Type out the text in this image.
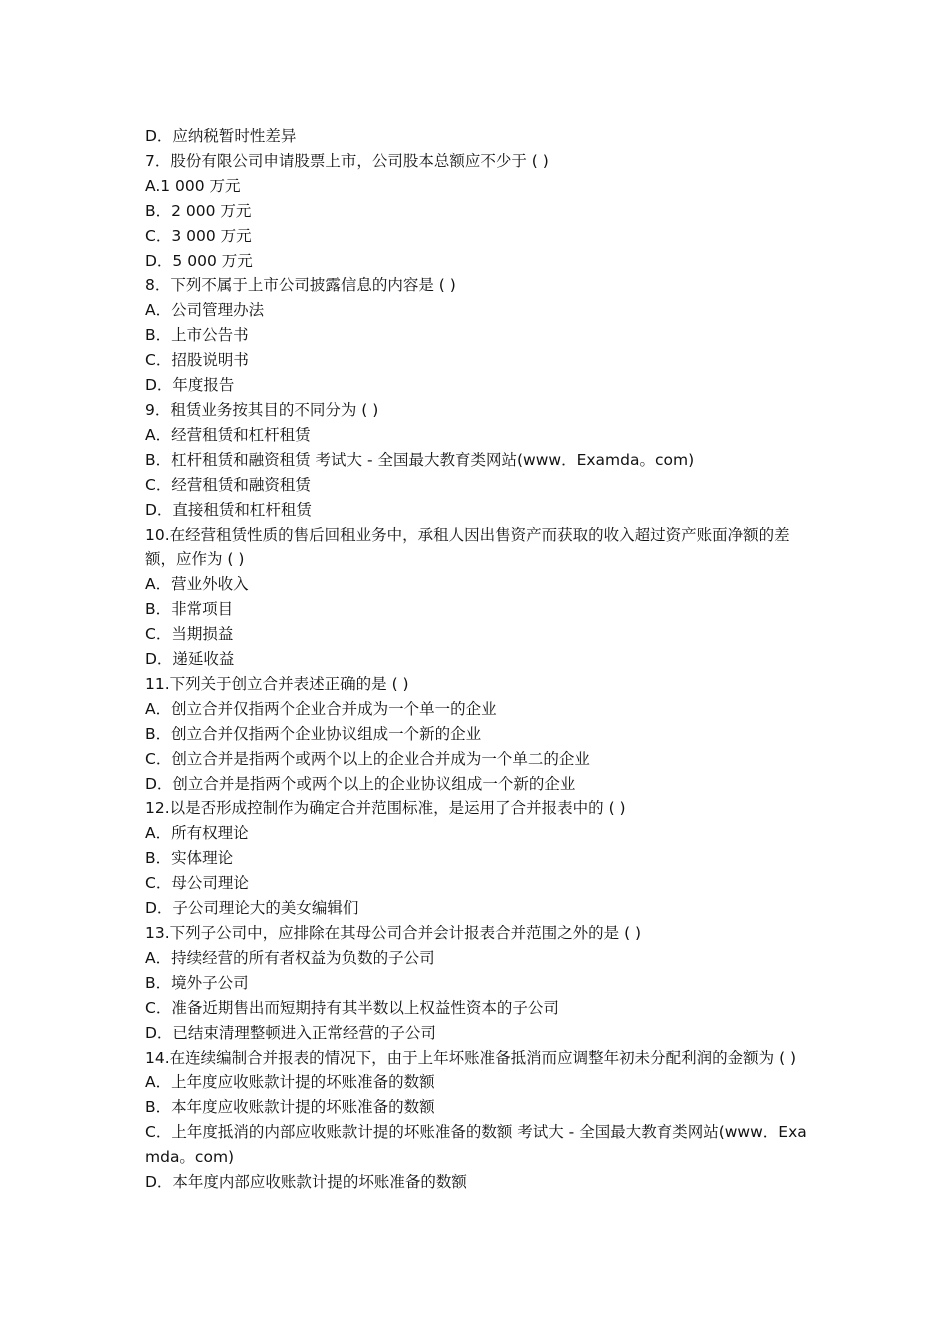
D．应纳税暂时性差异
7．股份有限公司申请股票上市，公司股本总额应不少于 ( )
A.1 000 万元
B．2 000 万元
C．3 000 万元
D．5 000 万元
8．下列不属于上市公司披露信息的内容是 ( )
A．公司管理办法
B．上市公告书
C．招股说明书
D．年度报告
9．租赁业务按其目的不同分为 ( )
A．经营租赁和杠杆租赁
B．杠杆租赁和融资租赁 考试大 - 全国最大教育类网站(www．Examda。com)
C．经营租赁和融资租赁
D．直接租赁和杠杆租赁
10.在经营租赁性质的售后回租业务中，承租人因出售资产而获取的收入超过资产账面净额的差额，应作为 ( )
A．营业外收入
B．非常项目
C．当期损益
D．递延收益
11.下列关于创立合并表述正确的是 ( )
A．创立合并仅指两个企业合并成为一个单一的企业
B．创立合并仅指两个企业协议组成一个新的企业
C．创立合并是指两个或两个以上的企业合并成为一个单二的企业
D．创立合并是指两个或两个以上的企业协议组成一个新的企业
12.以是否形成控制作为确定合并范围标准，是运用了合并报表中的 ( )
A．所有权理论
B．实体理论
C．母公司理论
D．子公司理论大的美女编辑们
13.下列子公司中，应排除在其母公司合并会计报表合并范围之外的是 ( )
A．持续经营的所有者权益为负数的子公司
B．境外子公司
C．准备近期售出而短期持有其半数以上权益性资本的子公司
D．已结束清理整顿进入正常经营的子公司
14.在连续编制合并报表的情况下，由于上年坏账准备抵消而应调整年初未分配利润的金额为 ( )
A．上年度应收账款计提的坏账准备的数额
B．本年度应收账款计提的坏账准备的数额
C．上年度抵消的内部应收账款计提的坏账准备的数额 考试大 - 全国最大教育类网站(www．Examda。com)
D．本年度内部应收账款计提的坏账准备的数额
